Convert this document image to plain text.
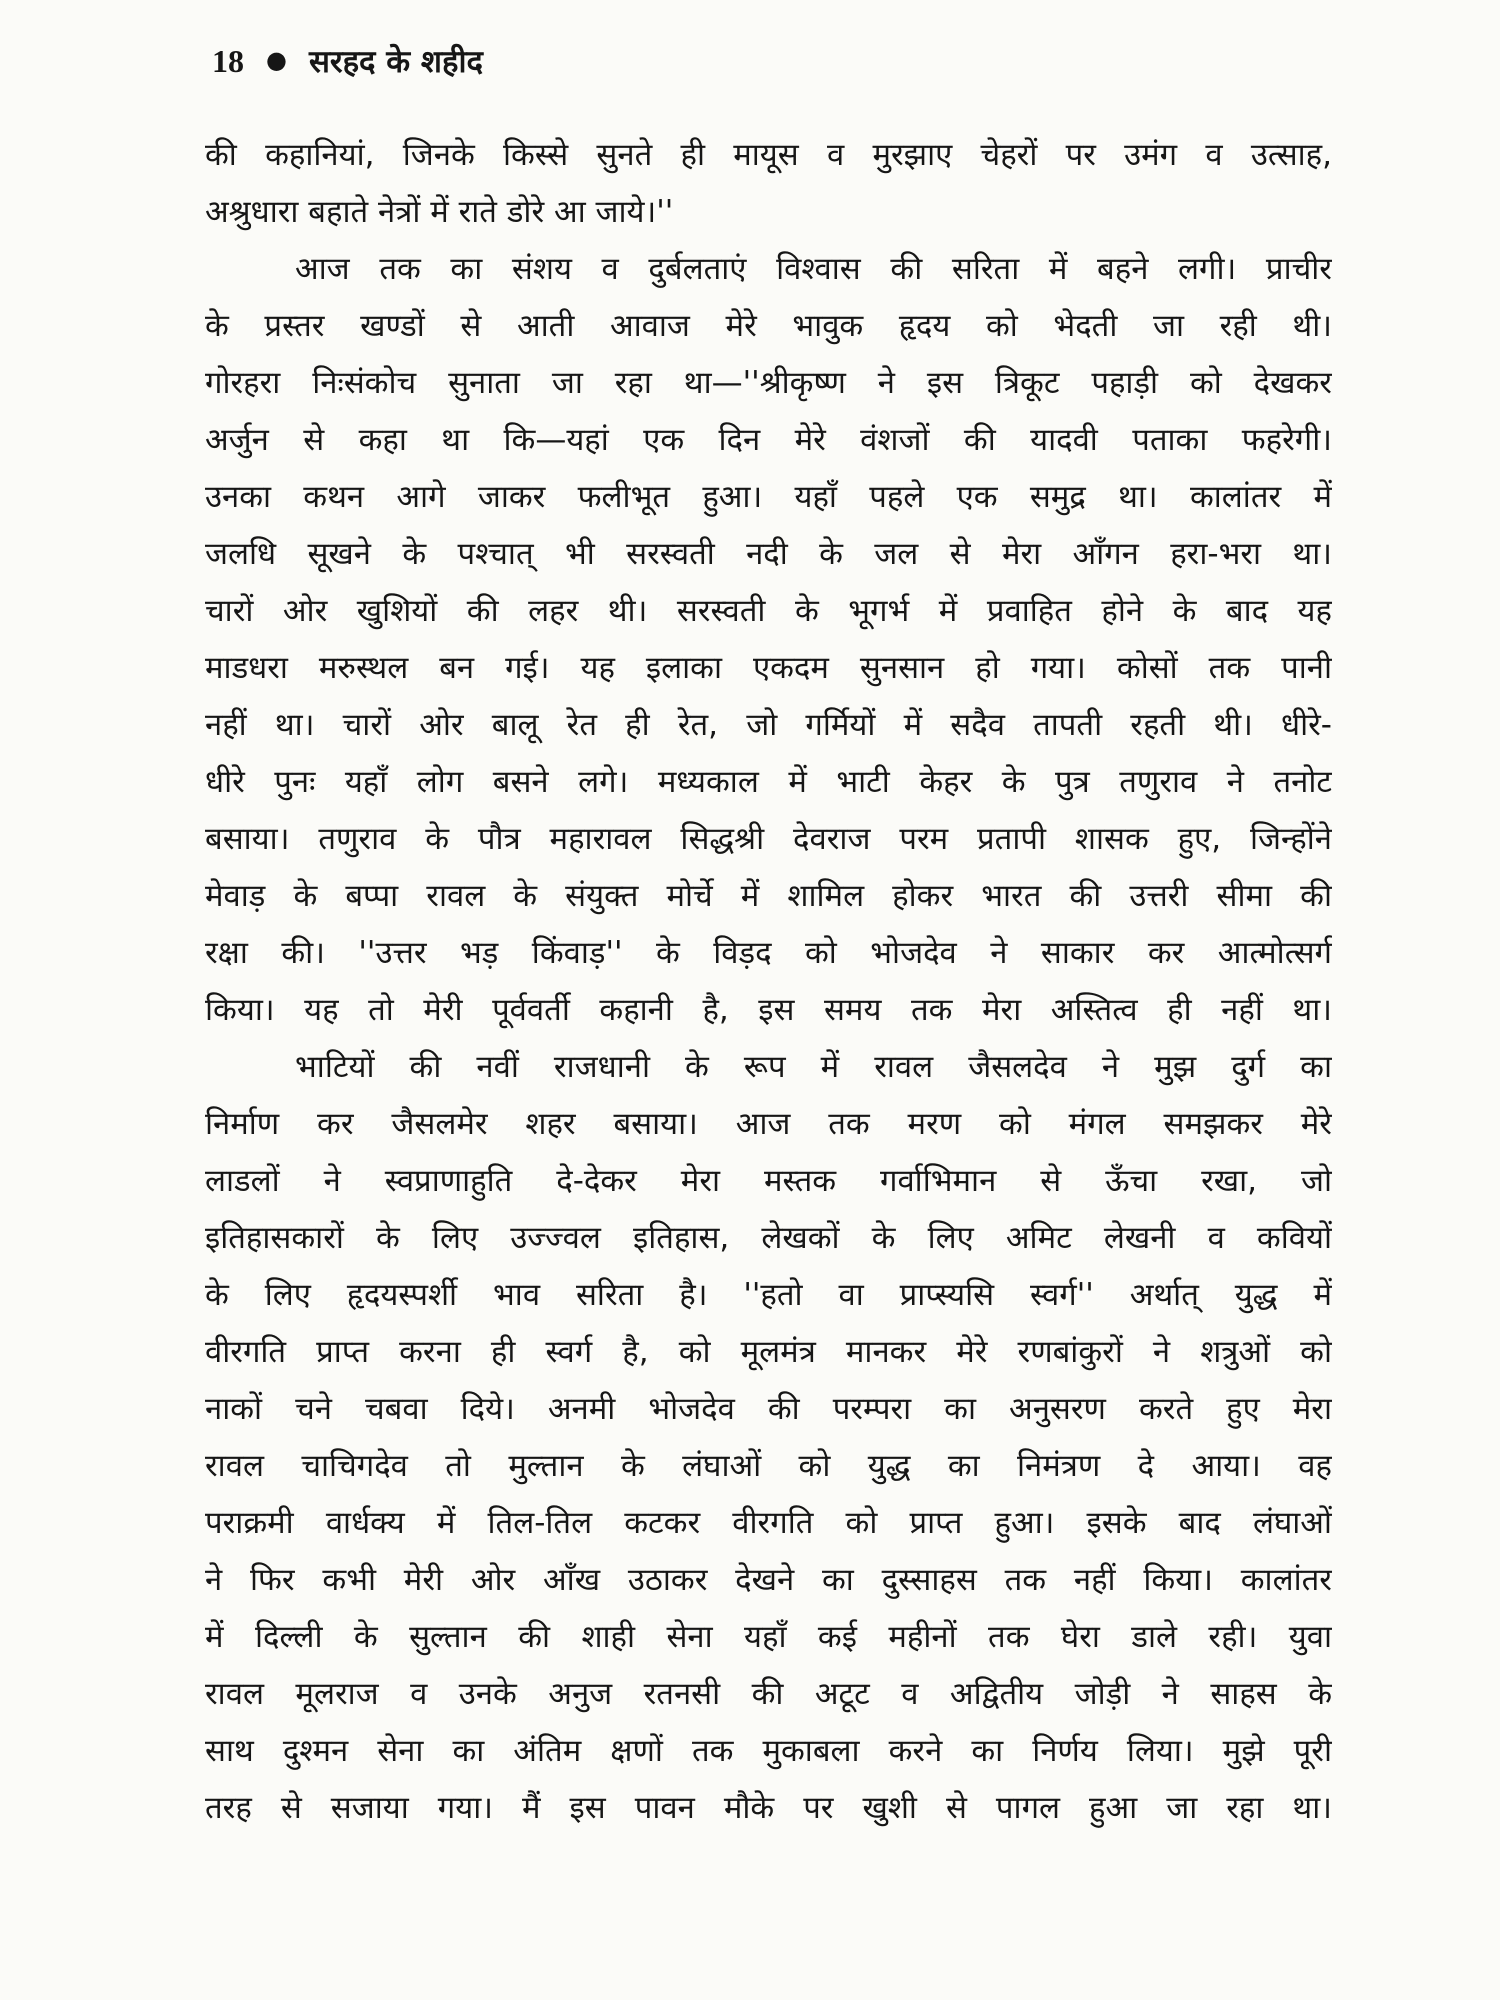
18 ● सरहद के शहीद
की कहानियां, जिनके किस्से सुनते ही मायूस व मुरझाए चेहरों पर उमंग व उत्साह,
अश्रुधारा बहाते नेत्रों में राते डोरे आ जाये।''
आज तक का संशय व दुर्बलताएं विश्वास की सरिता में बहने लगी। प्राचीर
के प्रस्तर खण्डों से आती आवाज मेरे भावुक हृदय को भेदती जा रही थी।
गोरहरा निःसंकोच सुनाता जा रहा था—''श्रीकृष्ण ने इस त्रिकूट पहाड़ी को देखकर
अर्जुन से कहा था कि—यहां एक दिन मेरे वंशजों की यादवी पताका फहरेगी।
उनका कथन आगे जाकर फलीभूत हुआ। यहाँ पहले एक समुद्र था। कालांतर में
जलधि सूखने के पश्चात् भी सरस्वती नदी के जल से मेरा आँगन हरा-भरा था।
चारों ओर खुशियों की लहर थी। सरस्वती के भूगर्भ में प्रवाहित होने के बाद यह
माडधरा मरुस्थल बन गई। यह इलाका एकदम सुनसान हो गया। कोसों तक पानी
नहीं था। चारों ओर बालू रेत ही रेत, जो गर्मियों में सदैव तापती रहती थी। धीरे-
धीरे पुनः यहाँ लोग बसने लगे। मध्यकाल में भाटी केहर के पुत्र तणुराव ने तनोट
बसाया। तणुराव के पौत्र महारावल सिद्धश्री देवराज परम प्रतापी शासक हुए, जिन्होंने
मेवाड़ के बप्पा रावल के संयुक्त मोर्चे में शामिल होकर भारत की उत्तरी सीमा की
रक्षा की। ''उत्तर भड़ किंवाड़'' के विड़द को भोजदेव ने साकार कर आत्मोत्सर्ग
किया। यह तो मेरी पूर्ववर्ती कहानी है, इस समय तक मेरा अस्तित्व ही नहीं था।
भाटियों की नवीं राजधानी के रूप में रावल जैसलदेव ने मुझ दुर्ग का
निर्माण कर जैसलमेर शहर बसाया। आज तक मरण को मंगल समझकर मेरे
लाडलों ने स्वप्राणाहुति दे-देकर मेरा मस्तक गर्वाभिमान से ऊँचा रखा, जो
इतिहासकारों के लिए उज्ज्वल इतिहास, लेखकों के लिए अमिट लेखनी व कवियों
के लिए हृदयस्पर्शी भाव सरिता है। ''हतो वा प्राप्स्यसि स्वर्ग'' अर्थात् युद्ध में
वीरगति प्राप्त करना ही स्वर्ग है, को मूलमंत्र मानकर मेरे रणबांकुरों ने शत्रुओं को
नाकों चने चबवा दिये। अनमी भोजदेव की परम्परा का अनुसरण करते हुए मेरा
रावल चाचिगदेव तो मुल्तान के लंघाओं को युद्ध का निमंत्रण दे आया। वह
पराक्रमी वार्धक्य में तिल-तिल कटकर वीरगति को प्राप्त हुआ। इसके बाद लंघाओं
ने फिर कभी मेरी ओर आँख उठाकर देखने का दुस्साहस तक नहीं किया। कालांतर
में दिल्ली के सुल्तान की शाही सेना यहाँ कई महीनों तक घेरा डाले रही। युवा
रावल मूलराज व उनके अनुज रतनसी की अटूट व अद्वितीय जोड़ी ने साहस के
साथ दुश्मन सेना का अंतिम क्षणों तक मुकाबला करने का निर्णय लिया। मुझे पूरी
तरह से सजाया गया। मैं इस पावन मौके पर खुशी से पागल हुआ जा रहा था।
